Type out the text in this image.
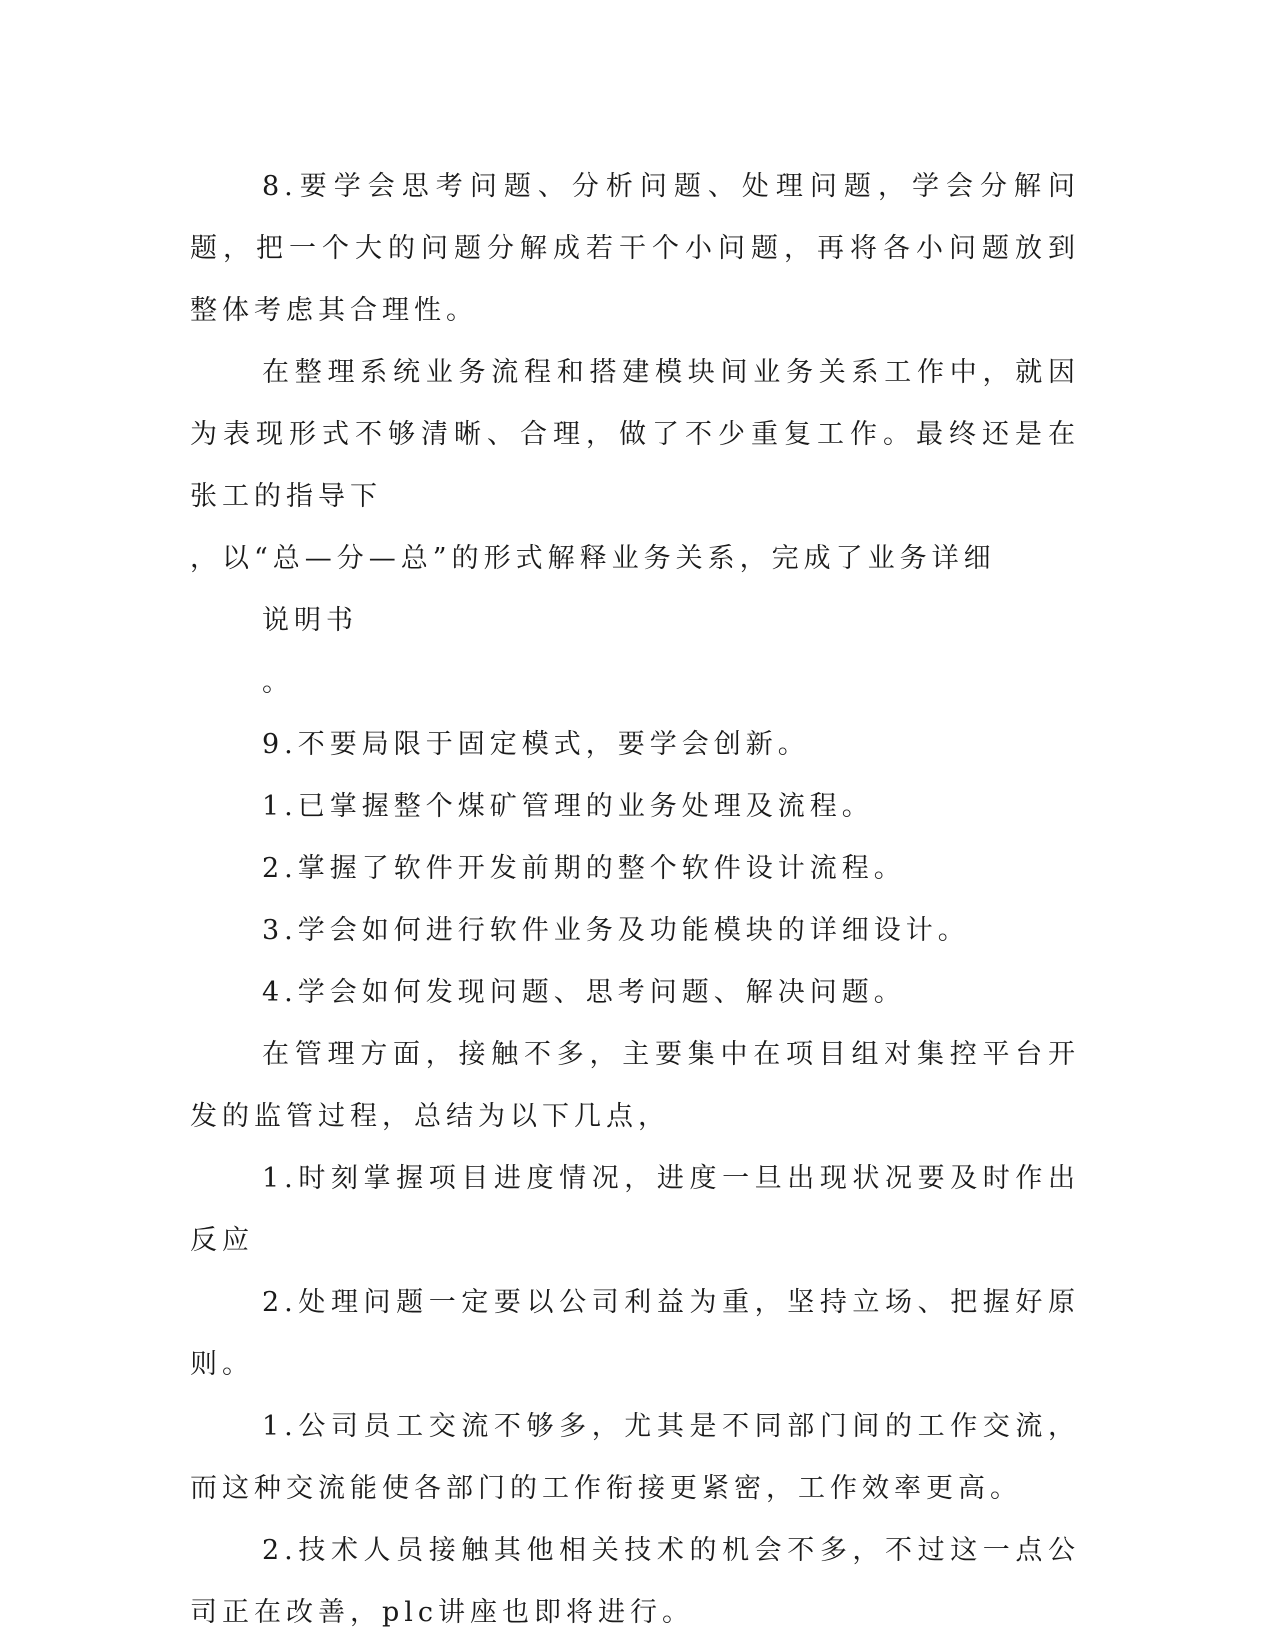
8.要学会思考问题、分析问题、处理问题，学会分解问题，把一个大的问题分解成若干个小问题，再将各小问题放到整体考虑其合理性。

在整理系统业务流程和搭建模块间业务关系工作中，就因为表现形式不够清晰、合理，做了不少重复工作。最终还是在张工的指导下

，以“总—分—总”的形式解释业务关系，完成了业务详细

说明书

。

9.不要局限于固定模式，要学会创新。

1.已掌握整个煤矿管理的业务处理及流程。

2.掌握了软件开发前期的整个软件设计流程。

3.学会如何进行软件业务及功能模块的详细设计。

4.学会如何发现问题、思考问题、解决问题。

在管理方面，接触不多，主要集中在项目组对集控平台开发的监管过程，总结为以下几点，

1.时刻掌握项目进度情况，进度一旦出现状况要及时作出反应

2.处理问题一定要以公司利益为重，坚持立场、把握好原则。

1.公司员工交流不够多，尤其是不同部门间的工作交流，而这种交流能使各部门的工作衔接更紧密，工作效率更高。

2.技术人员接触其他相关技术的机会不多，不过这一点公司正在改善，plc讲座也即将进行。
